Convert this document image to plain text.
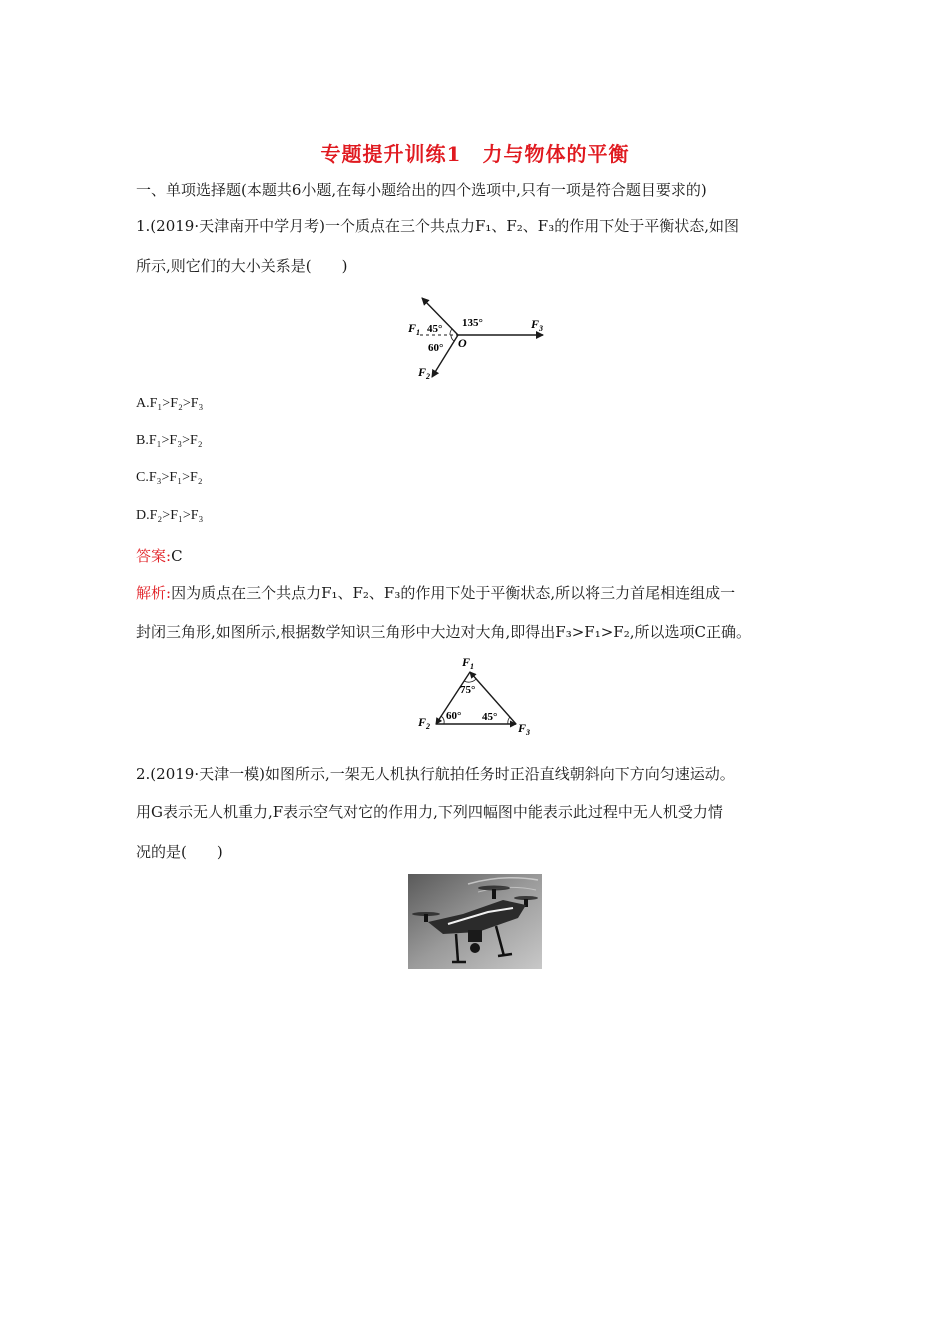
专题提升训练1　力与物体的平衡
一、单项选择题(本题共6小题,在每小题给出的四个选项中,只有一项是符合题目要求的)
1.(2019·天津南开中学月考)一个质点在三个共点力F₁、F₂、F₃的作用下处于平衡状态,如图
所示,则它们的大小关系是(　　)
$F_1$ 45° 135°	$F_3$
60° O
$F_2$
A.F₁>F₂>F₃
B.F₁>F₃>F₂
C.F₃>F₁>F₂
D.F₂>F₁>F₃
答案:C
解析:因为质点在三个共点力F₁、F₂、F₃的作用下处于平衡状态,所以将三力首尾相连组成一
封闭三角形,如图所示,根据数学知识三角形中大边对大角,即得出F₃>F₁>F₂,所以选项C正确。
$F_1$
75°
60° 45°
$F_2$	$F_3$
2.(2019·天津一模)如图所示,一架无人机执行航拍任务时正沿直线朝斜向下方向匀速运动。
用G表示无人机重力,F表示空气对它的作用力,下列四幅图中能表示此过程中无人机受力情
况的是(　　)
